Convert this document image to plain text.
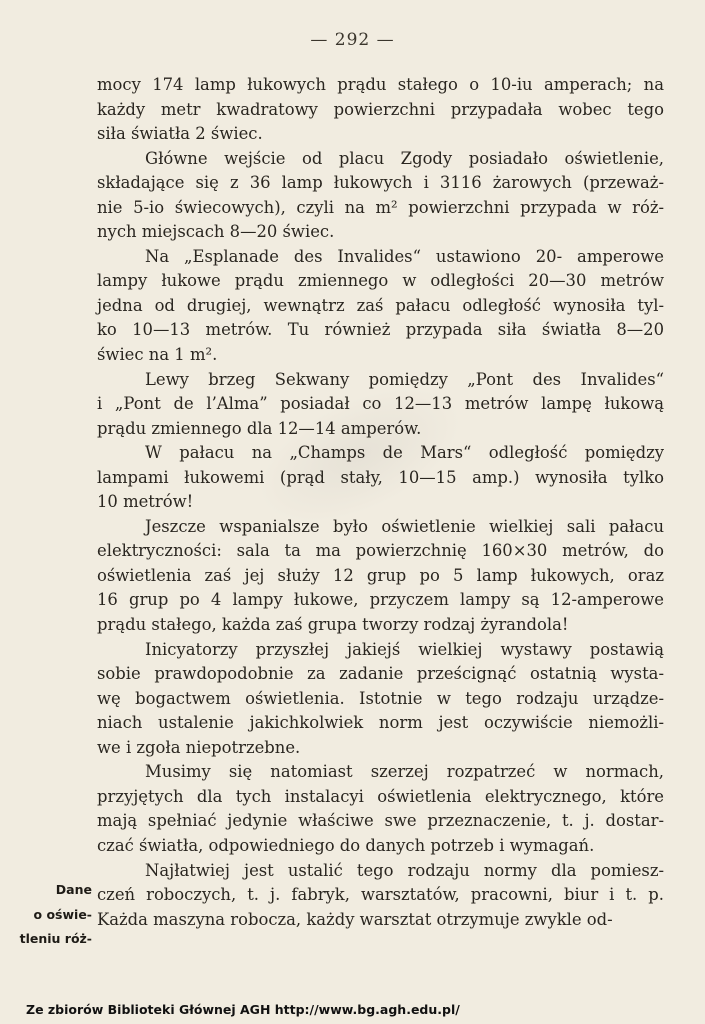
— 292 —
mocy 174 lamp łukowych prądu stałego o 10-iu amperach; na
każdy metr kwadratowy powierzchni przypadała wobec tego
siła światła 2 świec.
Główne wejście od placu Zgody posiadało oświetlenie,
składające się z 36 lamp łukowych i 3116 żarowych (przeważ-
nie 5-io świecowych), czyli na m² powierzchni przypada w róż-
nych miejscach 8—20 świec.
Na „Esplanade des Invalides“ ustawiono 20- amperowe
lampy łukowe prądu zmiennego w odległości 20—30 metrów
jedna od drugiej, wewnątrz zaś pałacu odległość wynosiła tyl-
ko 10—13 metrów. Tu również przypada siła światła 8—20
świec na 1 m².
Lewy brzeg Sekwany pomiędzy „Pont des Invalides“
i „Pont de l’Alma” posiadał co 12—13 metrów lampę łukową
prądu zmiennego dla 12—14 amperów.
W pałacu na „Champs de Mars“ odległość pomiędzy
lampami łukowemi (prąd stały, 10—15 amp.) wynosiła tylko
10 metrów!
Jeszcze wspanialsze było oświetlenie wielkiej sali pałacu
elektryczności: sala ta ma powierzchnię 160×30 metrów, do
oświetlenia zaś jej służy 12 grup po 5 lamp łukowych, oraz
16 grup po 4 lampy łukowe, przyczem lampy są 12-amperowe
prądu stałego, każda zaś grupa tworzy rodzaj żyrandola!
Inicyatorzy przyszłej jakiejś wielkiej wystawy postawią
sobie prawdopodobnie za zadanie prześcignąć ostatnią wysta-
wę bogactwem oświetlenia. Istotnie w tego rodzaju urządze-
niach ustalenie jakichkolwiek norm jest oczywiście niemożli-
we i zgoła niepotrzebne.
Musimy się natomiast szerzej rozpatrzeć w normach,
przyjętych dla tych instalacyi oświetlenia elektrycznego, które
mają spełniać jedynie właściwe swe przeznaczenie, t. j. dostar-
czać światła, odpowiedniego do danych potrzeb i wymagań.
Najłatwiej jest ustalić tego rodzaju normy dla pomiesz-
czeń roboczych, t. j. fabryk, warsztatów, pracowni, biur i t. p.
Każda maszyna robocza, każdy warsztat otrzymuje zwykle od-
Dane
o oświe-
tleniu róż-
Ze zbiorów Biblioteki Głównej AGH http://www.bg.agh.edu.pl/
